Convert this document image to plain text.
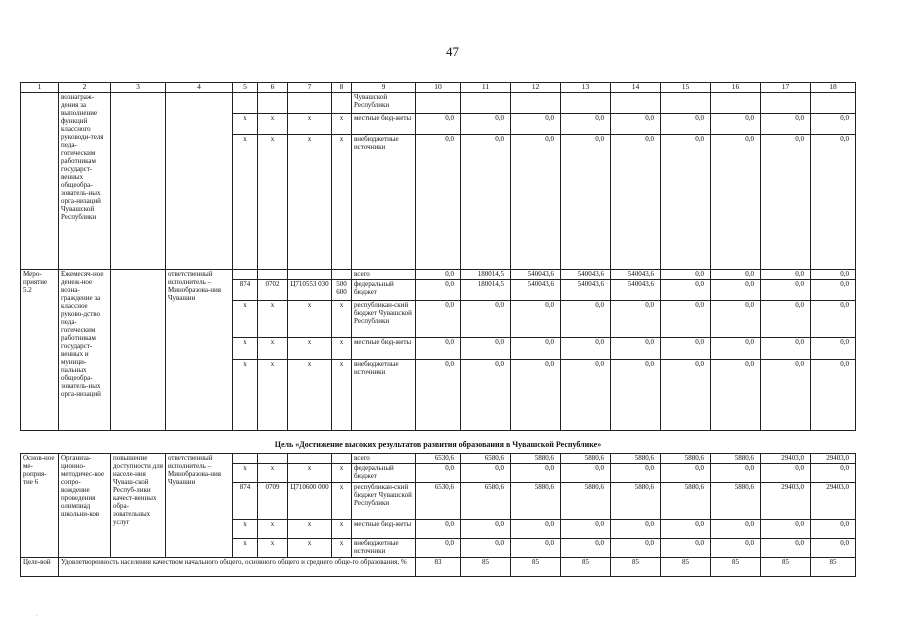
47
1	2	3	4	5	6	7	8	9	10	11	12	13	14	15	16	17	18
	вознаграж-дения за выполнение функций классного руководи-теля педа-гогическим работникам государст-венных общеобра-зователь-ных орга-низаций Чувашской Республики							Чувашской Республики									
				x	x	x	x	местные бюд-жеты	0,0	0,0	0,0	0,0	0,0	0,0	0,0	0,0	0,0
				x	x	x	x	внебюджетные источники	0,0	0,0	0,0	0,0	0,0	0,0	0,0	0,0	0,0
Меро-приятие 5.2	Ежемесяч-ное денеж-ное возна-граждение за классное руково-дство педа-гогическим работникам государст-венных и муници-пальных общеобра-зователь-ных орга-низаций		ответственный исполнитель – Минобразова-ния Чувашии					всего	0,0	180014,5	540043,6	540043,6	540043,6	0,0	0,0	0,0	0,0
				874	0702	Ц710553 030	500 600	федеральный бюджет	0,0	180014,5	540043,6	540043,6	540043,6	0,0	0,0	0,0	0,0
				x	x	x	x	республикан-ский бюджет Чувашской Республики	0,0	0,0	0,0	0,0	0,0	0,0	0,0	0,0	0,0
				x	x	x	x	местные бюд-жеты	0,0	0,0	0,0	0,0	0,0	0,0	0,0	0,0	0,0
				x	x	x	x	внебюджетные источники	0,0	0,0	0,0	0,0	0,0	0,0	0,0	0,0	0,0
Цель «Достижение высоких результатов развития образования в Чувашской Республике»																	
Основ-ное ме-роприя-тие 6	Организа-ционно-методичес-кое сопро-вождение проведения олимпиад школьни-ков	повышение доступности для населе-ния Чуваш-ской Респуб-лики качест-венных обра-зовательных услуг	ответственный исполнитель – Минобразова-ния Чувашии					всего	6530,6	6580,6	5880,6	5880,6	5880,6	5880,6	5880,6	29403,0	29403,0
				x	x	x	x	федеральный бюджет	0,0	0,0	0,0	0,0	0,0	0,0	0,0	0,0	0,0
				874	0709	Ц710600 000	x	республикан-ский бюджет Чувашской Республики	6530,6	6580,6	5880,6	5880,6	5880,6	5880,6	5880,6	29403,0	29403,0
				x	x	x	x	местные бюд-жеты	0,0	0,0	0,0	0,0	0,0	0,0	0,0	0,0	0,0
				x	x	x	x	внебюджетные источники	0,0	0,0	0,0	0,0	0,0	0,0	0,0	0,0	0,0
Целе-вой	Удовлетворенность населения качеством начального общего, основного общего и среднего обще-го образования, %								83	85	85	85	85	85	85	85	85
.
